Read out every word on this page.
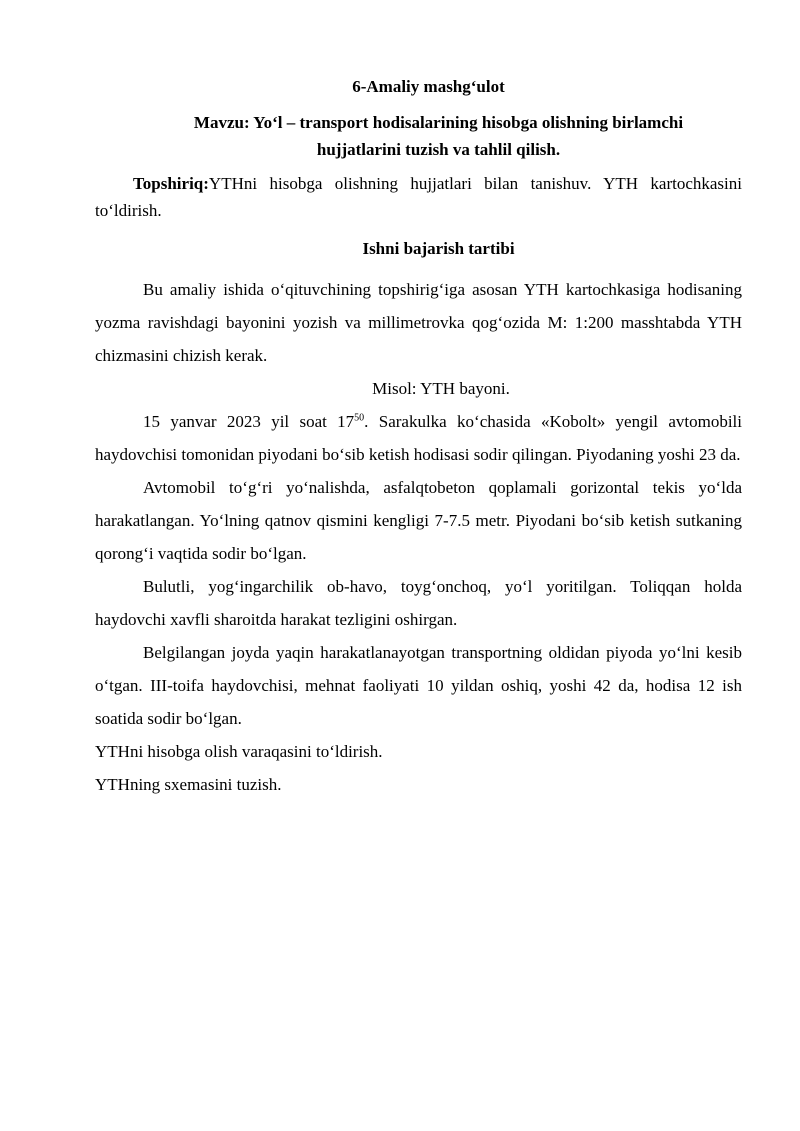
6-Amaliy mashg‘ulot

Mavzu: Yo‘l – transport hodisalarining hisobga olishning birlamchi
hujjatlarini tuzish va tahlil qilish.

Topshiriq:YTHni hisobga olishning hujjatlari bilan tanishuv. YTH kartochkasini to‘ldirish.

Ishni bajarish tartibi

Bu amaliy ishida o‘qituvchining topshirig‘iga asosan YTH kartochkasiga hodisaning yozma ravishdagi bayonini yozish va millimetrovka qog‘ozida M: 1:200 masshtabda YTH chizmasini chizish kerak.

Misol: YTH bayoni.

15 yanvar 2023 yil soat $17^{50}$. Sarakulka ko‘chasida «Kobolt» yengil avtomobili haydovchisi tomonidan piyodani bo‘sib ketish hodisasi sodir qilingan. Piyodaning yoshi 23 da.

Avtomobil to‘g‘ri yo‘nalishda, asfalqtobeton qoplamali gorizontal tekis yo‘lda harakatlangan. Yo‘lning qatnov qismini kengligi 7-7.5 metr. Piyodani bo‘sib ketish sutkaning qorong‘i vaqtida sodir bo‘lgan.

Bulutli, yog‘ingarchilik ob-havo, toyg‘onchoq, yo‘l yoritilgan. Toliqqan holda haydovchi xavfli sharoitda harakat tezligini oshirgan.

Belgilangan joyda yaqin harakatlanayotgan transportning oldidan piyoda yo‘lni kesib o‘tgan. III-toifa haydovchisi, mehnat faoliyati 10 yildan oshiq, yoshi 42 da, hodisa 12 ish soatida sodir bo‘lgan.

YTHni hisobga olish varaqasini to‘ldirish.

YTHning sxemasini tuzish.
